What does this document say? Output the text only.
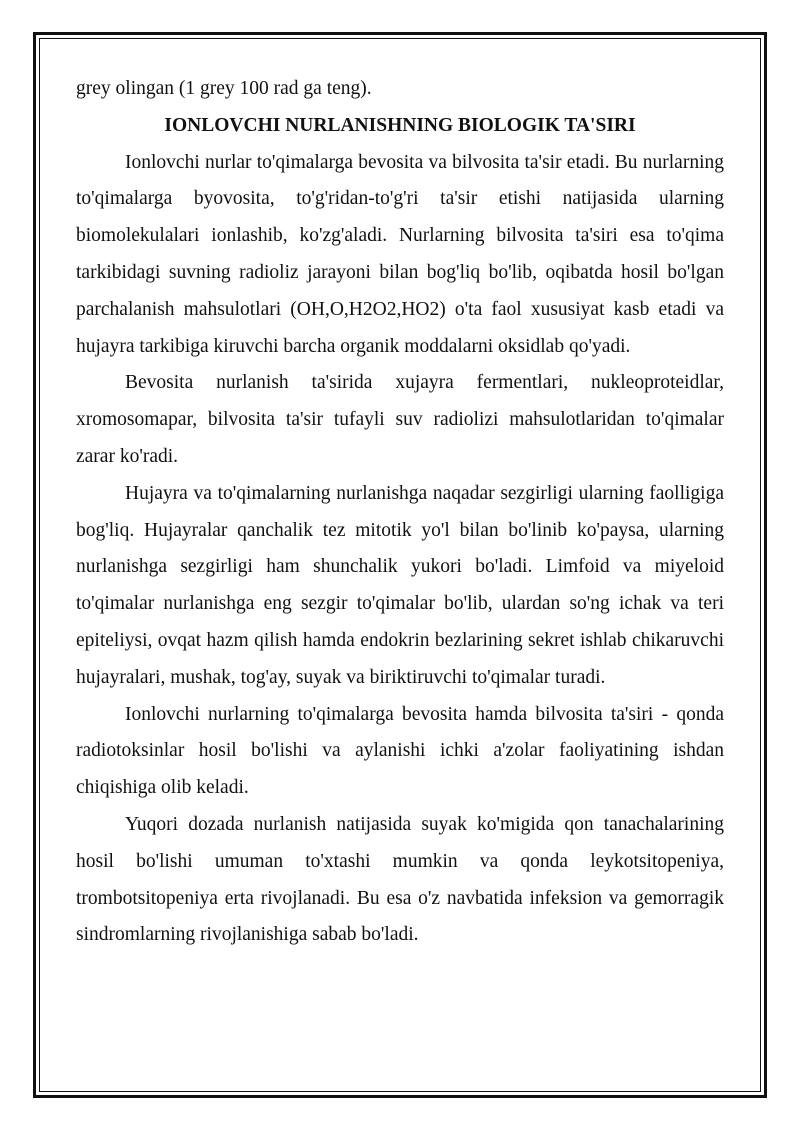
grey olingan (1 grey 100 rad ga teng).

IONLOVCHI NURLANISHNING BIOLOGIK TA'SIRI

Ionlovchi nurlar to'qimalarga bevosita va bilvosita ta'sir etadi. Bu nurlarning to'qimalarga byovosita, to'g'ridan-to'g'ri ta'sir etishi natijasida ularning biomolekulalari ionlashib, ko'zg'aladi. Nurlarning bilvosita ta'siri esa to'qima tarkibidagi suvning radioliz jarayoni bilan bog'liq bo'lib, oqibatda hosil bo'lgan parchalanish mahsulotlari (OH,O,H2O2,HO2) o'ta faol xususiyat kasb etadi va hujayra tarkibiga kiruvchi barcha organik moddalarni oksidlab qo'yadi.

Bevosita nurlanish ta'sirida xujayra fermentlari, nukleoproteidlar, xromosomapar, bilvosita ta'sir tufayli suv radiolizi mahsulotlaridan to'qimalar zarar ko'radi.

Hujayra va to'qimalarning nurlanishga naqadar sezgirligi ularning faolligiga bog'liq. Hujayralar qanchalik tez mitotik yo'l bilan bo'linib ko'paysa, ularning nurlanishga sezgirligi ham shunchalik yukori bo'ladi. Limfoid va miyeloid to'qimalar nurlanishga eng sezgir to'qimalar bo'lib, ulardan so'ng ichak va teri epiteliysi, ovqat hazm qilish hamda endokrin bezlarining sekret ishlab chikaruvchi hujayralari, mushak, tog'ay, suyak va biriktiruvchi to'qimalar turadi.

Ionlovchi nurlarning to'qimalarga bevosita hamda bilvosita ta'siri - qonda radiotoksinlar hosil bo'lishi va aylanishi ichki a'zolar faoliyatining ishdan chiqishiga olib keladi.

Yuqori dozada nurlanish natijasida suyak ko'migida qon tanachalarining hosil bo'lishi umuman to'xtashi mumkin va qonda leykotsitopeniya, trombotsitopeniya erta rivojlanadi. Bu esa o'z navbatida infeksion va gemorragik sindromlarning rivojlanishiga sabab bo'ladi.
